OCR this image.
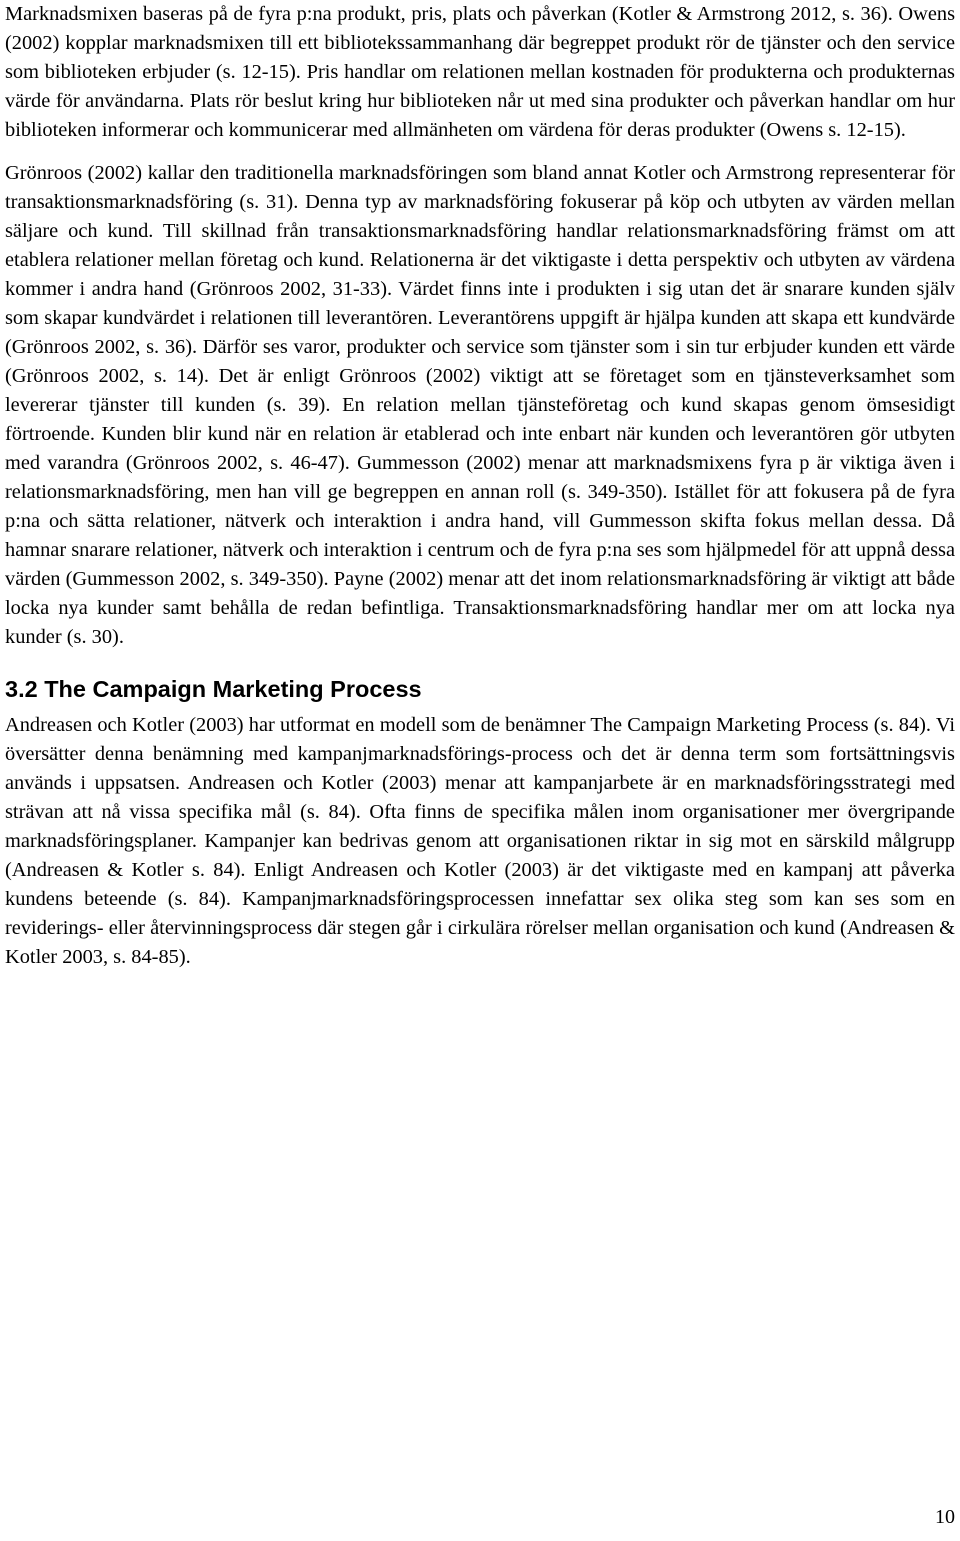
Marknadsmixen baseras på de fyra p:na produkt, pris, plats och påverkan (Kotler & Armstrong 2012, s. 36). Owens (2002) kopplar marknadsmixen till ett bibliotekssammanhang där begreppet produkt rör de tjänster och den service som biblioteken erbjuder (s. 12-15). Pris handlar om relationen mellan kostnaden för produkterna och produkternas värde för användarna. Plats rör beslut kring hur biblioteken når ut med sina produkter och påverkan handlar om hur biblioteken informerar och kommunicerar med allmänheten om värdena för deras produkter (Owens s. 12-15).

Grönroos (2002) kallar den traditionella marknadsföringen som bland annat Kotler och Armstrong representerar för transaktionsmarknadsföring (s. 31). Denna typ av marknadsföring fokuserar på köp och utbyten av värden mellan säljare och kund. Till skillnad från transaktionsmarknadsföring handlar relationsmarknadsföring främst om att etablera relationer mellan företag och kund. Relationerna är det viktigaste i detta perspektiv och utbyten av värdena kommer i andra hand (Grönroos 2002, 31-33). Värdet finns inte i produkten i sig utan det är snarare kunden själv som skapar kundvärdet i relationen till leverantören. Leverantörens uppgift är hjälpa kunden att skapa ett kundvärde (Grönroos 2002, s. 36). Därför ses varor, produkter och service som tjänster som i sin tur erbjuder kunden ett värde (Grönroos 2002, s. 14). Det är enligt Grönroos (2002) viktigt att se företaget som en tjänsteverksamhet som levererar tjänster till kunden (s. 39). En relation mellan tjänsteföretag och kund skapas genom ömsesidigt förtroende. Kunden blir kund när en relation är etablerad och inte enbart när kunden och leverantören gör utbyten med varandra (Grönroos 2002, s. 46-47). Gummesson (2002) menar att marknadsmixens fyra p är viktiga även i relationsmarknadsföring, men han vill ge begreppen en annan roll (s. 349-350). Istället för att fokusera på de fyra p:na och sätta relationer, nätverk och interaktion i andra hand, vill Gummesson skifta fokus mellan dessa. Då hamnar snarare relationer, nätverk och interaktion i centrum och de fyra p:na ses som hjälpmedel för att uppnå dessa värden (Gummesson 2002, s. 349-350). Payne (2002) menar att det inom relationsmarknadsföring är viktigt att både locka nya kunder samt behålla de redan befintliga. Transaktionsmarknadsföring handlar mer om att locka nya kunder (s. 30).

3.2 The Campaign Marketing Process

Andreasen och Kotler (2003) har utformat en modell som de benämner The Campaign Marketing Process (s. 84). Vi översätter denna benämning med kampanjmarknadsförings-process och det är denna term som fortsättningsvis används i uppsatsen. Andreasen och Kotler (2003) menar att kampanjarbete är en marknadsföringsstrategi med strävan att nå vissa specifika mål (s. 84). Ofta finns de specifika målen inom organisationer mer övergripande marknadsföringsplaner. Kampanjer kan bedrivas genom att organisationen riktar in sig mot en särskild målgrupp (Andreasen & Kotler s. 84). Enligt Andreasen och Kotler (2003) är det viktigaste med en kampanj att påverka kundens beteende (s. 84). Kampanjmarknadsföringsprocessen innefattar sex olika steg som kan ses som en reviderings- eller återvinningsprocess där stegen går i cirkulära rörelser mellan organisation och kund (Andreasen & Kotler 2003, s. 84-85).

10
